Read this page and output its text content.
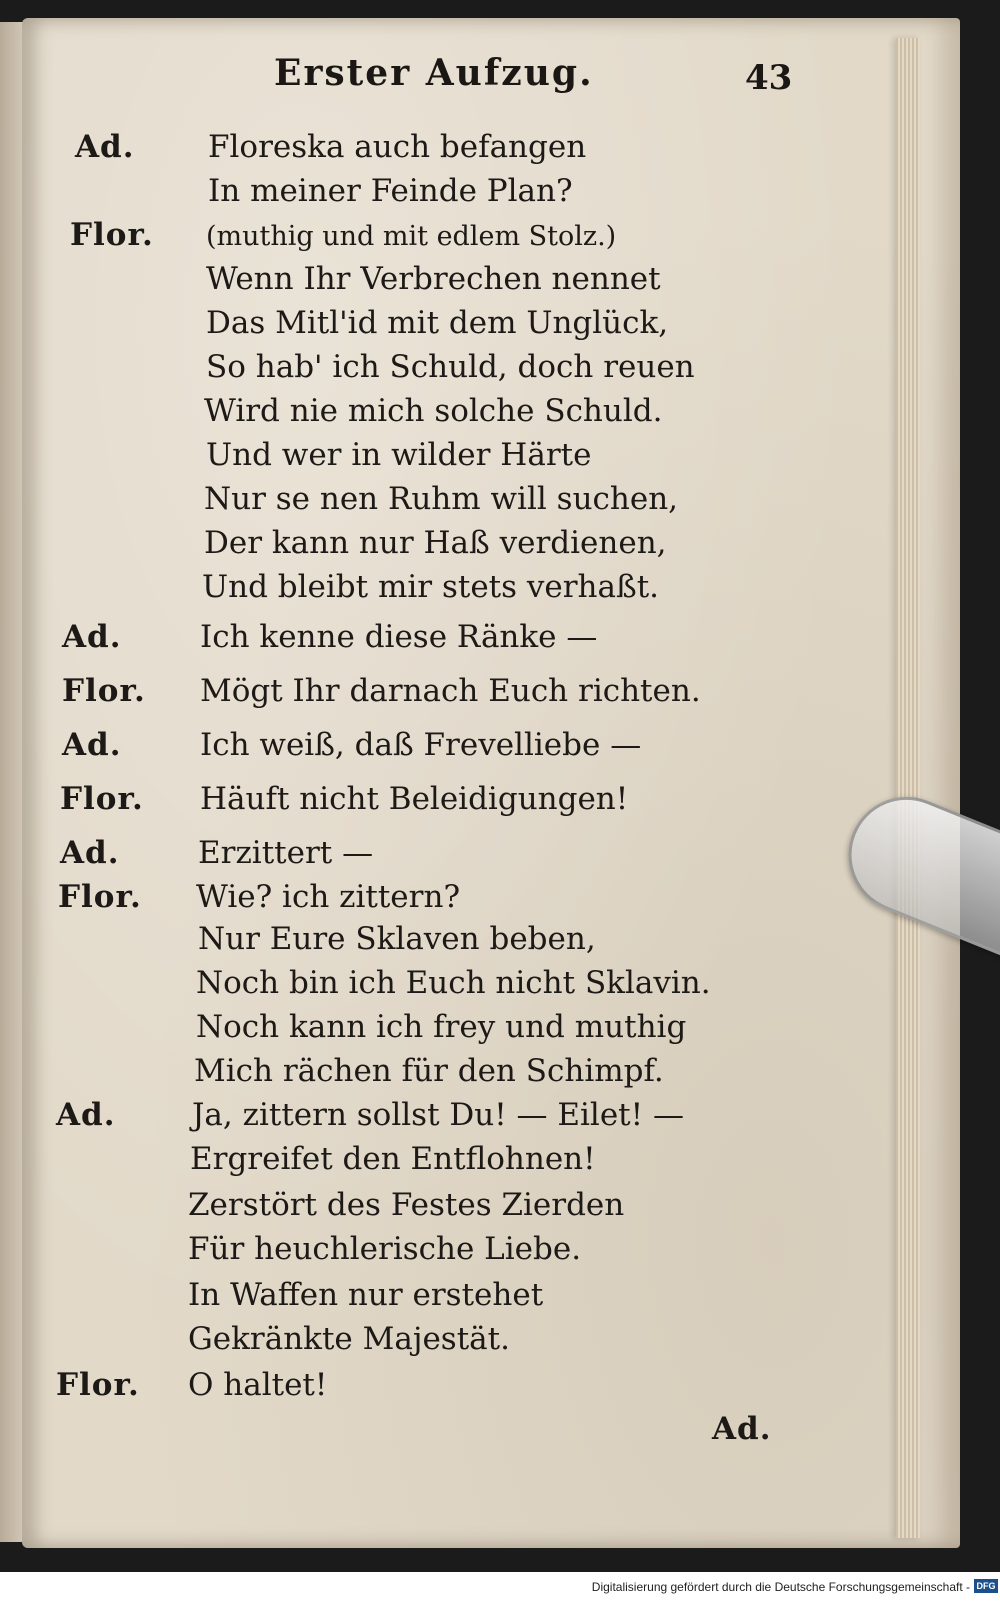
Erster Aufzug.	43
Ad.
Flor.
Ad.
Flor.
Ad.
Flor.
Ad.
Flor.
Ad.
Flor.
Floreska auch befangen
In meiner Feinde Plan?
(muthig und mit edlem Stolz.)
Wenn Ihr Verbrechen nennet
Das Mitl'id mit dem Unglück,
So hab' ich Schuld, doch reuen
Wird nie mich solche Schuld.
Und wer in wilder Härte
Nur se nen Ruhm will suchen,
Der kann nur Haß verdienen,
Und bleibt mir stets verhaßt.
Ich kenne diese Ränke —
Mögt Ihr darnach Euch richten.
Ich weiß, daß Frevelliebe —
Häuft nicht Beleidigungen!
Erzittert —
Wie? ich zittern?
Nur Eure Sklaven beben,
Noch bin ich Euch nicht Sklavin.
Noch kann ich frey und muthig
Mich rächen für den Schimpf.
Ja, zittern sollst Du! — Eilet! —
Ergreifet den Entflohnen!
Zerstört des Festes Zierden
Für heuchlerische Liebe.
In Waffen nur erstehet
Gekränkte Majestät.
O haltet!
Ad.
Digitalisierung gefördert durch die Deutsche Forschungsgemeinschaft - DFG
